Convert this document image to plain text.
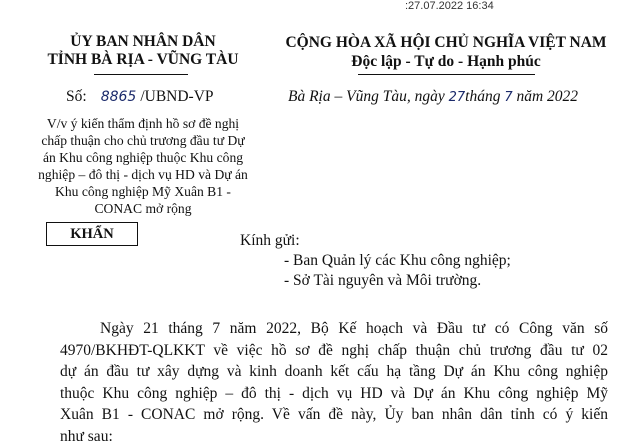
:27.07.2022 16:34
ỦY BAN NHÂN DÂN
TỈNH BÀ RỊA - VŨNG TÀU
CỘNG HÒA XÃ HỘI CHỦ NGHĨA VIỆT NAM
Độc lập - Tự do - Hạnh phúc
Số: 8865 /UBND-VP	Bà Rịa – Vũng Tàu, ngày 27tháng 7 năm 2022
V/v ý kiến thẩm định hồ sơ đề nghị chấp thuận cho chủ trương đầu tư Dự án Khu công nghiệp thuộc Khu công nghiệp – đô thị - dịch vụ HD và Dự án Khu công nghiệp Mỹ Xuân B1 - CONAC mở rộng
KHẨN	Kính gửi:
- Ban Quản lý các Khu công nghiệp;
- Sở Tài nguyên và Môi trường.
Ngày 21 tháng 7 năm 2022, Bộ Kế hoạch và Đầu tư có Công văn số
4970/BKHĐT-QLKKT về việc hồ sơ đề nghị chấp thuận chủ trương đầu tư 02
dự án đầu tư xây dựng và kinh doanh kết cấu hạ tầng Dự án Khu công nghiệp
thuộc Khu công nghiệp – đô thị - dịch vụ HD và Dự án Khu công nghiệp Mỹ
Xuân B1 - CONAC mở rộng. Về vấn đề này, Ủy ban nhân dân tỉnh có ý kiến
như sau:
